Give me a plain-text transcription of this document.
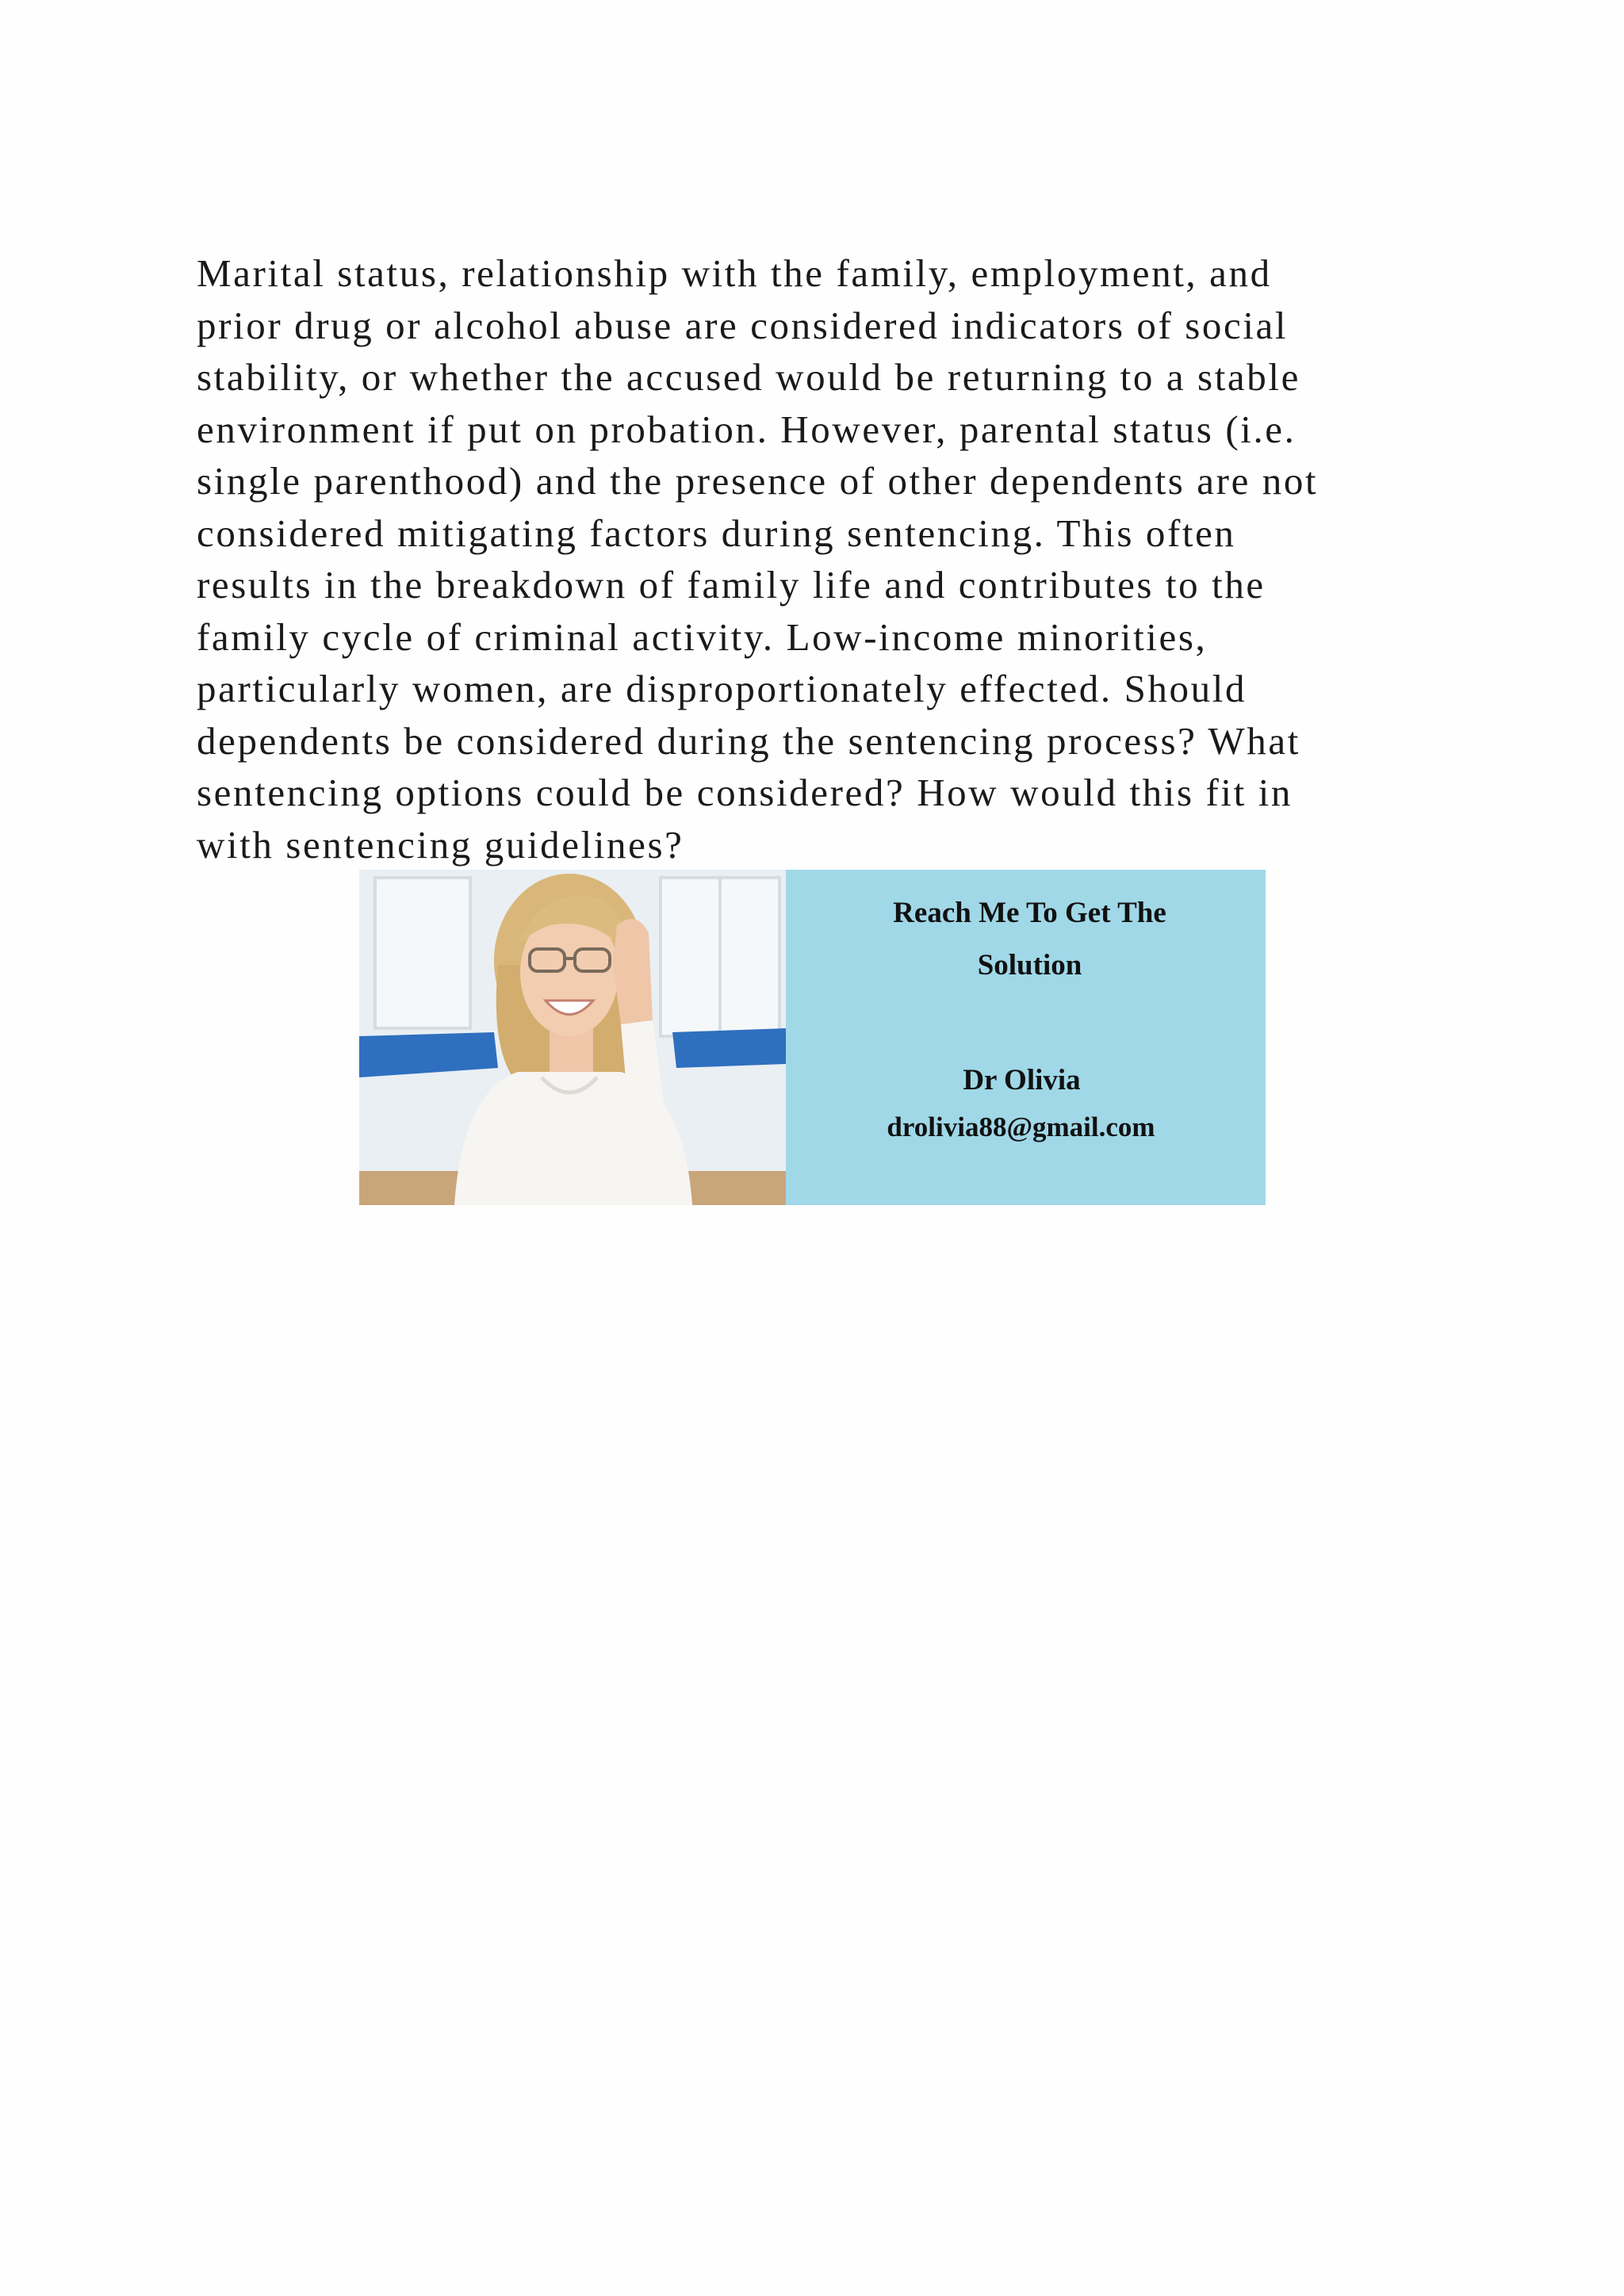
Marital status, relationship with the family, employment, and
prior drug or alcohol abuse are considered indicators of social
stability, or whether the accused would be returning to a stable
environment if put on probation. However, parental status (i.e.
single parenthood) and the presence of other dependents are not
considered mitigating factors during sentencing. This often
results in the breakdown of family life and contributes to the
family cycle of criminal activity. Low-income minorities,
particularly women, are disproportionately effected. Should
dependents be considered during the sentencing process? What
sentencing options could be considered? How would this fit in
with sentencing guidelines?
Reach Me To Get The
Solution
Dr Olivia
drolivia88@gmail.com
